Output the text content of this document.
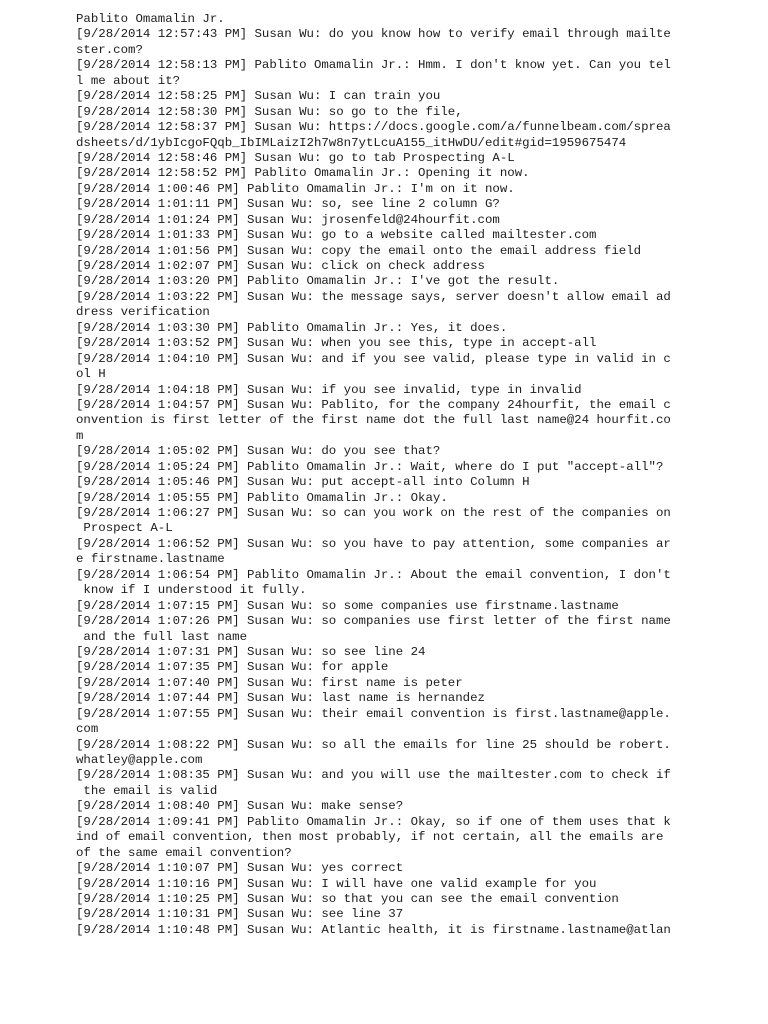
Pablito Omamalin Jr.
[9/28/2014 12:57:43 PM] Susan Wu: do you know how to verify email through mailte
ster.com?
[9/28/2014 12:58:13 PM] Pablito Omamalin Jr.: Hmm. I don't know yet. Can you tel
l me about it?
[9/28/2014 12:58:25 PM] Susan Wu: I can train you
[9/28/2014 12:58:30 PM] Susan Wu: so go to the file,
[9/28/2014 12:58:37 PM] Susan Wu: https://docs.google.com/a/funnelbeam.com/sprea
dsheets/d/1ybIcgoFQqb_IbIMLaizI2h7w8n7ytLcuA155_itHwDU/edit#gid=1959675474
[9/28/2014 12:58:46 PM] Susan Wu: go to tab Prospecting A-L
[9/28/2014 12:58:52 PM] Pablito Omamalin Jr.: Opening it now.
[9/28/2014 1:00:46 PM] Pablito Omamalin Jr.: I'm on it now.
[9/28/2014 1:01:11 PM] Susan Wu: so, see line 2 column G?
[9/28/2014 1:01:24 PM] Susan Wu: jrosenfeld@24hourfit.com
[9/28/2014 1:01:33 PM] Susan Wu: go to a website called mailtester.com
[9/28/2014 1:01:56 PM] Susan Wu: copy the email onto the email address field
[9/28/2014 1:02:07 PM] Susan Wu: click on check address
[9/28/2014 1:03:20 PM] Pablito Omamalin Jr.: I've got the result.
[9/28/2014 1:03:22 PM] Susan Wu: the message says, server doesn't allow email ad
dress verification
[9/28/2014 1:03:30 PM] Pablito Omamalin Jr.: Yes, it does.
[9/28/2014 1:03:52 PM] Susan Wu: when you see this, type in accept-all
[9/28/2014 1:04:10 PM] Susan Wu: and if you see valid, please type in valid in c
ol H
[9/28/2014 1:04:18 PM] Susan Wu: if you see invalid, type in invalid
[9/28/2014 1:04:57 PM] Susan Wu: Pablito, for the company 24hourfit, the email c
onvention is first letter of the first name dot the full last name@24 hourfit.co
m
[9/28/2014 1:05:02 PM] Susan Wu: do you see that?
[9/28/2014 1:05:24 PM] Pablito Omamalin Jr.: Wait, where do I put "accept-all"?
[9/28/2014 1:05:46 PM] Susan Wu: put accept-all into Column H
[9/28/2014 1:05:55 PM] Pablito Omamalin Jr.: Okay.
[9/28/2014 1:06:27 PM] Susan Wu: so can you work on the rest of the companies on
Prospect A-L
[9/28/2014 1:06:52 PM] Susan Wu: so you have to pay attention, some companies ar
e firstname.lastname
[9/28/2014 1:06:54 PM] Pablito Omamalin Jr.: About the email convention, I don't
know if I understood it fully.
[9/28/2014 1:07:15 PM] Susan Wu: so some companies use firstname.lastname
[9/28/2014 1:07:26 PM] Susan Wu: so companies use first letter of the first name
and the full last name
[9/28/2014 1:07:31 PM] Susan Wu: so see line 24
[9/28/2014 1:07:35 PM] Susan Wu: for apple
[9/28/2014 1:07:40 PM] Susan Wu: first name is peter
[9/28/2014 1:07:44 PM] Susan Wu: last name is hernandez
[9/28/2014 1:07:55 PM] Susan Wu: their email convention is first.lastname@apple.
com
[9/28/2014 1:08:22 PM] Susan Wu: so all the emails for line 25 should be robert.
whatley@apple.com
[9/28/2014 1:08:35 PM] Susan Wu: and you will use the mailtester.com to check if
the email is valid
[9/28/2014 1:08:40 PM] Susan Wu: make sense?
[9/28/2014 1:09:41 PM] Pablito Omamalin Jr.: Okay, so if one of them uses that k
ind of email convention, then most probably, if not certain, all the emails are
of the same email convention?
[9/28/2014 1:10:07 PM] Susan Wu: yes correct
[9/28/2014 1:10:16 PM] Susan Wu: I will have one valid example for you
[9/28/2014 1:10:25 PM] Susan Wu: so that you can see the email convention
[9/28/2014 1:10:31 PM] Susan Wu: see line 37
[9/28/2014 1:10:48 PM] Susan Wu: Atlantic health, it is firstname.lastname@atlan
